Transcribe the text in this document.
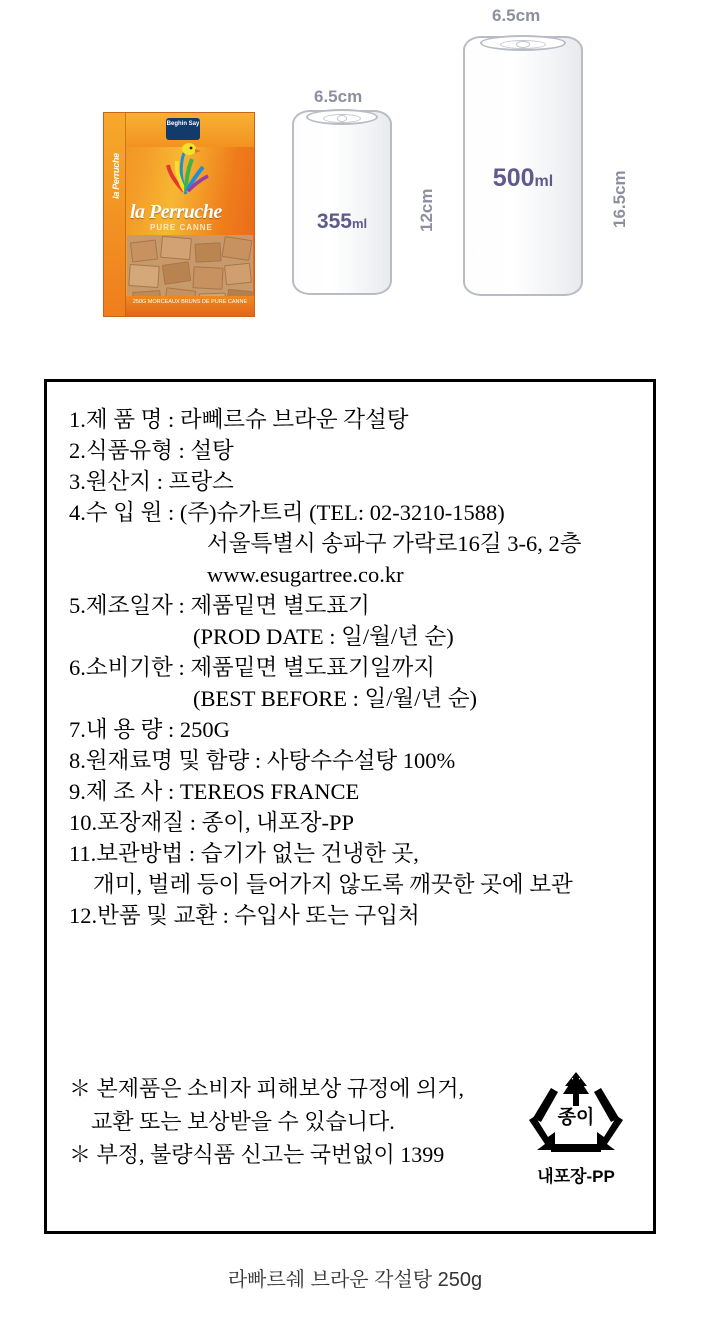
Beghin Say
la Perruche
PURE CANNE
250G MORCEAUX BRUNS DE PURE CANNE
la Perruche
355ml
6.5cm
12cm
500ml
6.5cm
16.5cm
1.제 품 명 : 라뻬르슈 브라운 각설탕
2.식품유형 : 설탕
3.원산지 : 프랑스
4.수 입 원 : (주)슈가트리 (TEL: 02-3210-1588)
서울특별시 송파구 가락로16길 3-6, 2층
www.esugartree.co.kr
5.제조일자 : 제품밑면 별도표기
(PROD DATE : 일/월/년 순)
6.소비기한 : 제품밑면 별도표기일까지
(BEST BEFORE : 일/월/년 순)
7.내 용 량 : 250G
8.원재료명 및 함량 : 사탕수수설탕 100%
9.제 조 사 : TEREOS FRANCE
10.포장재질 : 종이, 내포장-PP
11.보관방법 : 습기가 없는 건냉한 곳,
개미, 벌레 등이 들어가지 않도록 깨끗한 곳에 보관
12.반품 및 교환 : 수입사 또는 구입처
＊ 본제품은 소비자 피해보상 규정에 의거,
교환 또는 보상받을 수 있습니다.
＊ 부정, 불량식품 신고는 국번없이 1399
종이
내포장-PP
라빠르쉐 브라운 각설탕 250g
